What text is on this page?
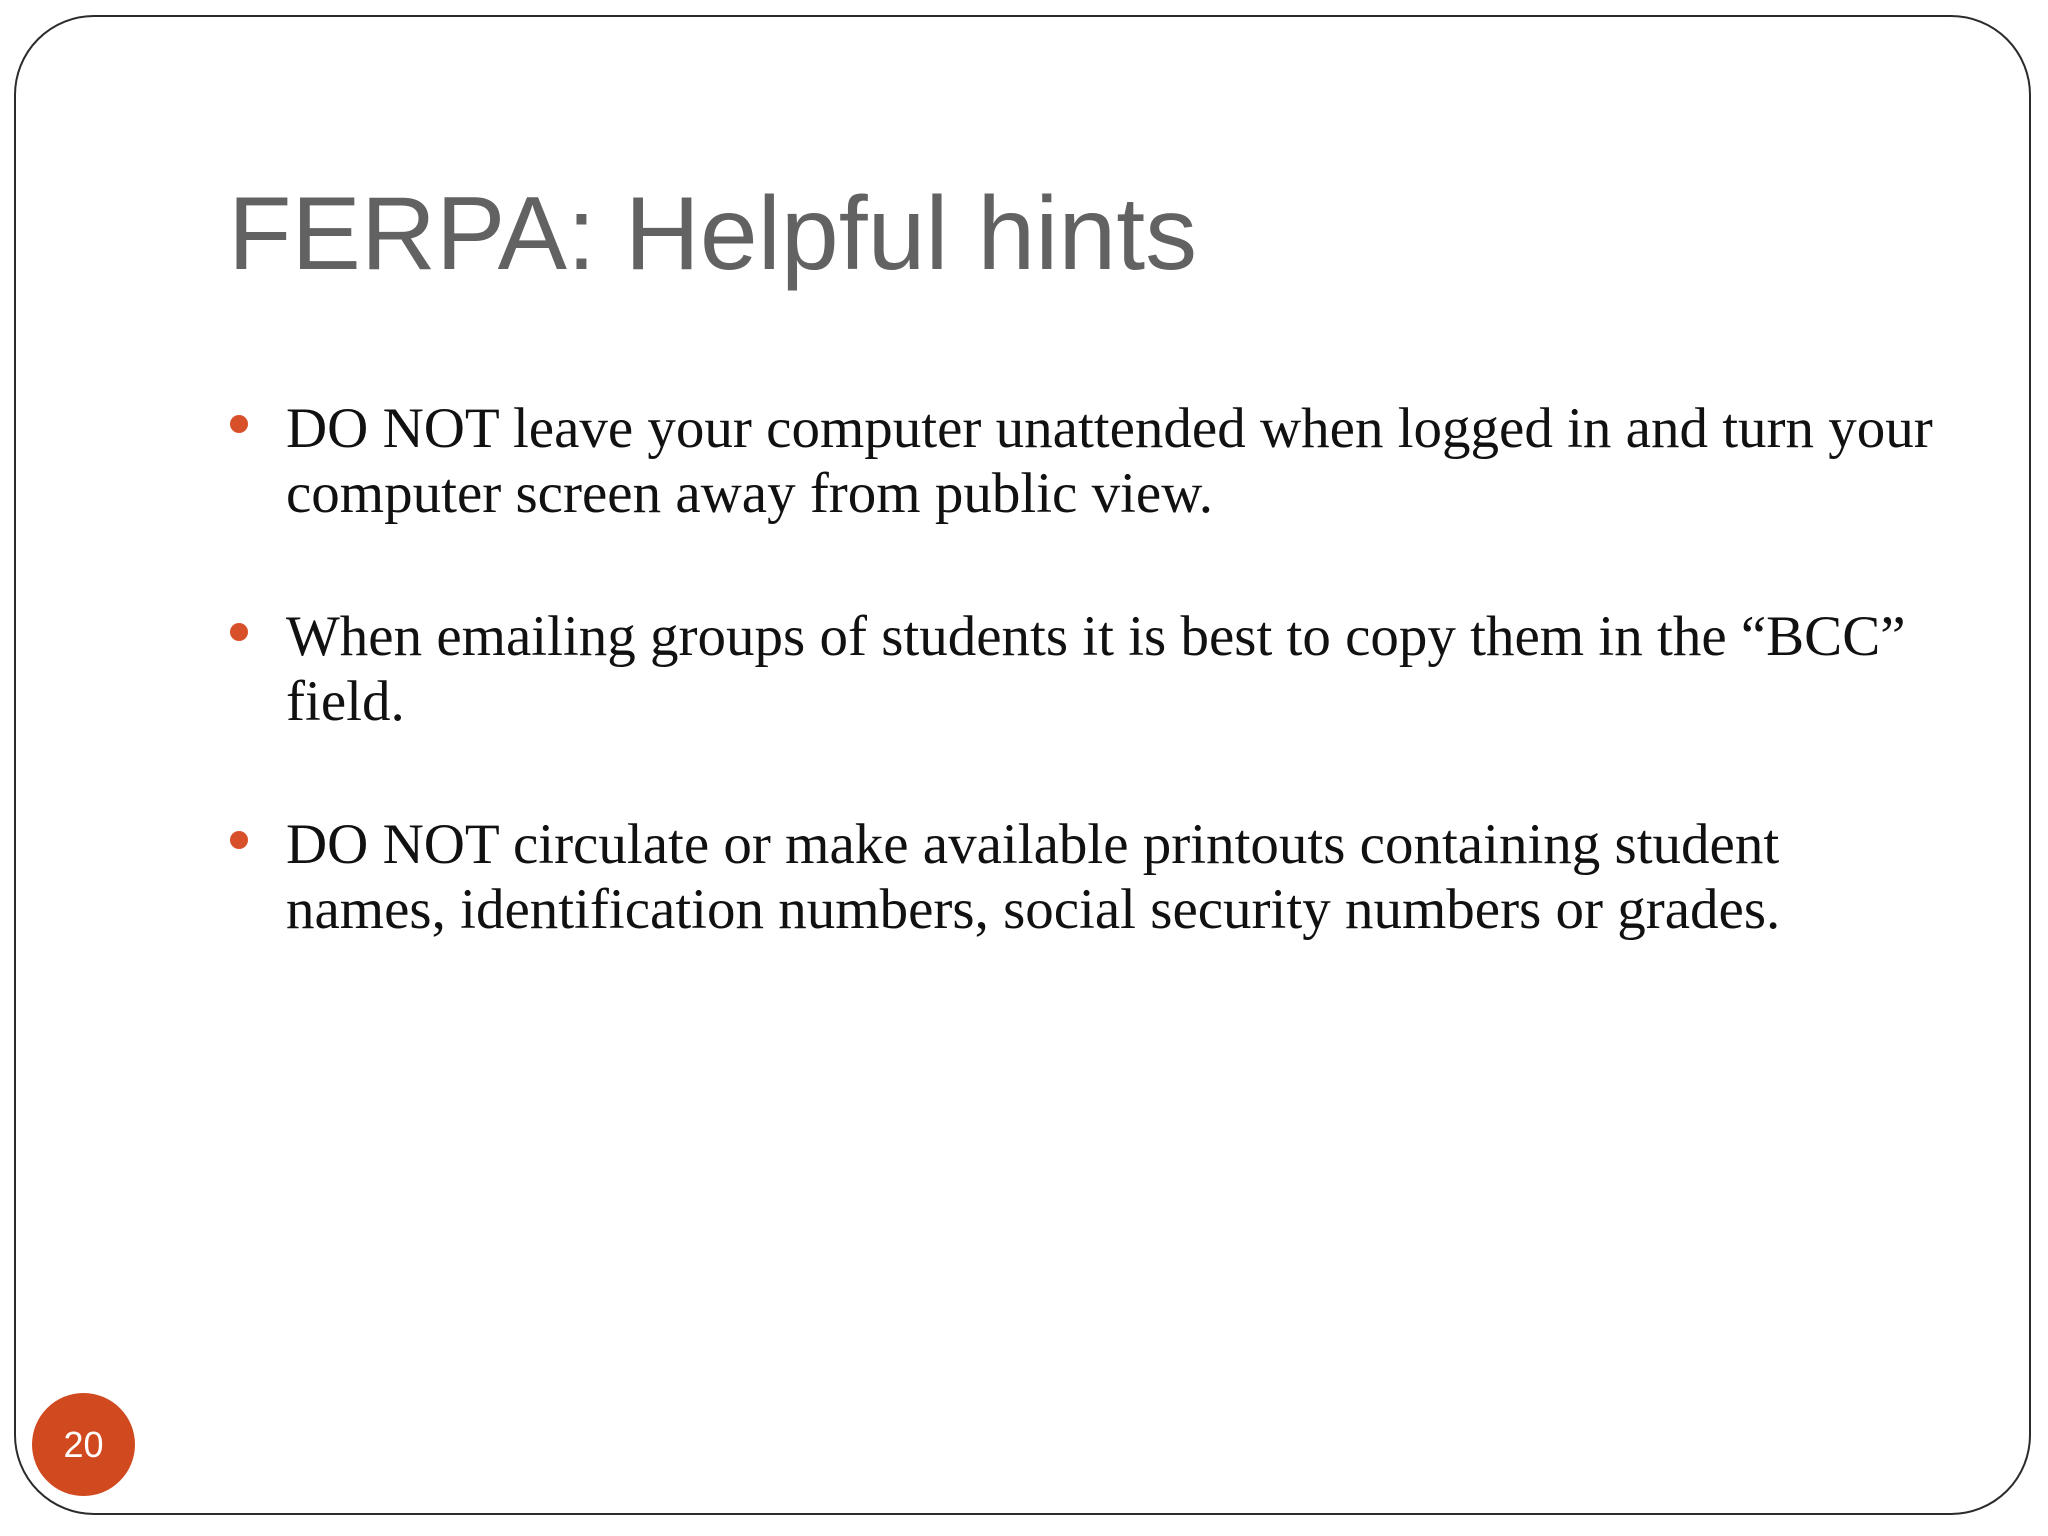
FERPA: Helpful hints
DO NOT leave your computer unattended when logged in and turn your computer screen away from public view.
When emailing groups of students it is best to copy them in the “BCC” field.
DO NOT circulate or make available printouts containing student names, identification numbers, social security numbers or grades.
20
